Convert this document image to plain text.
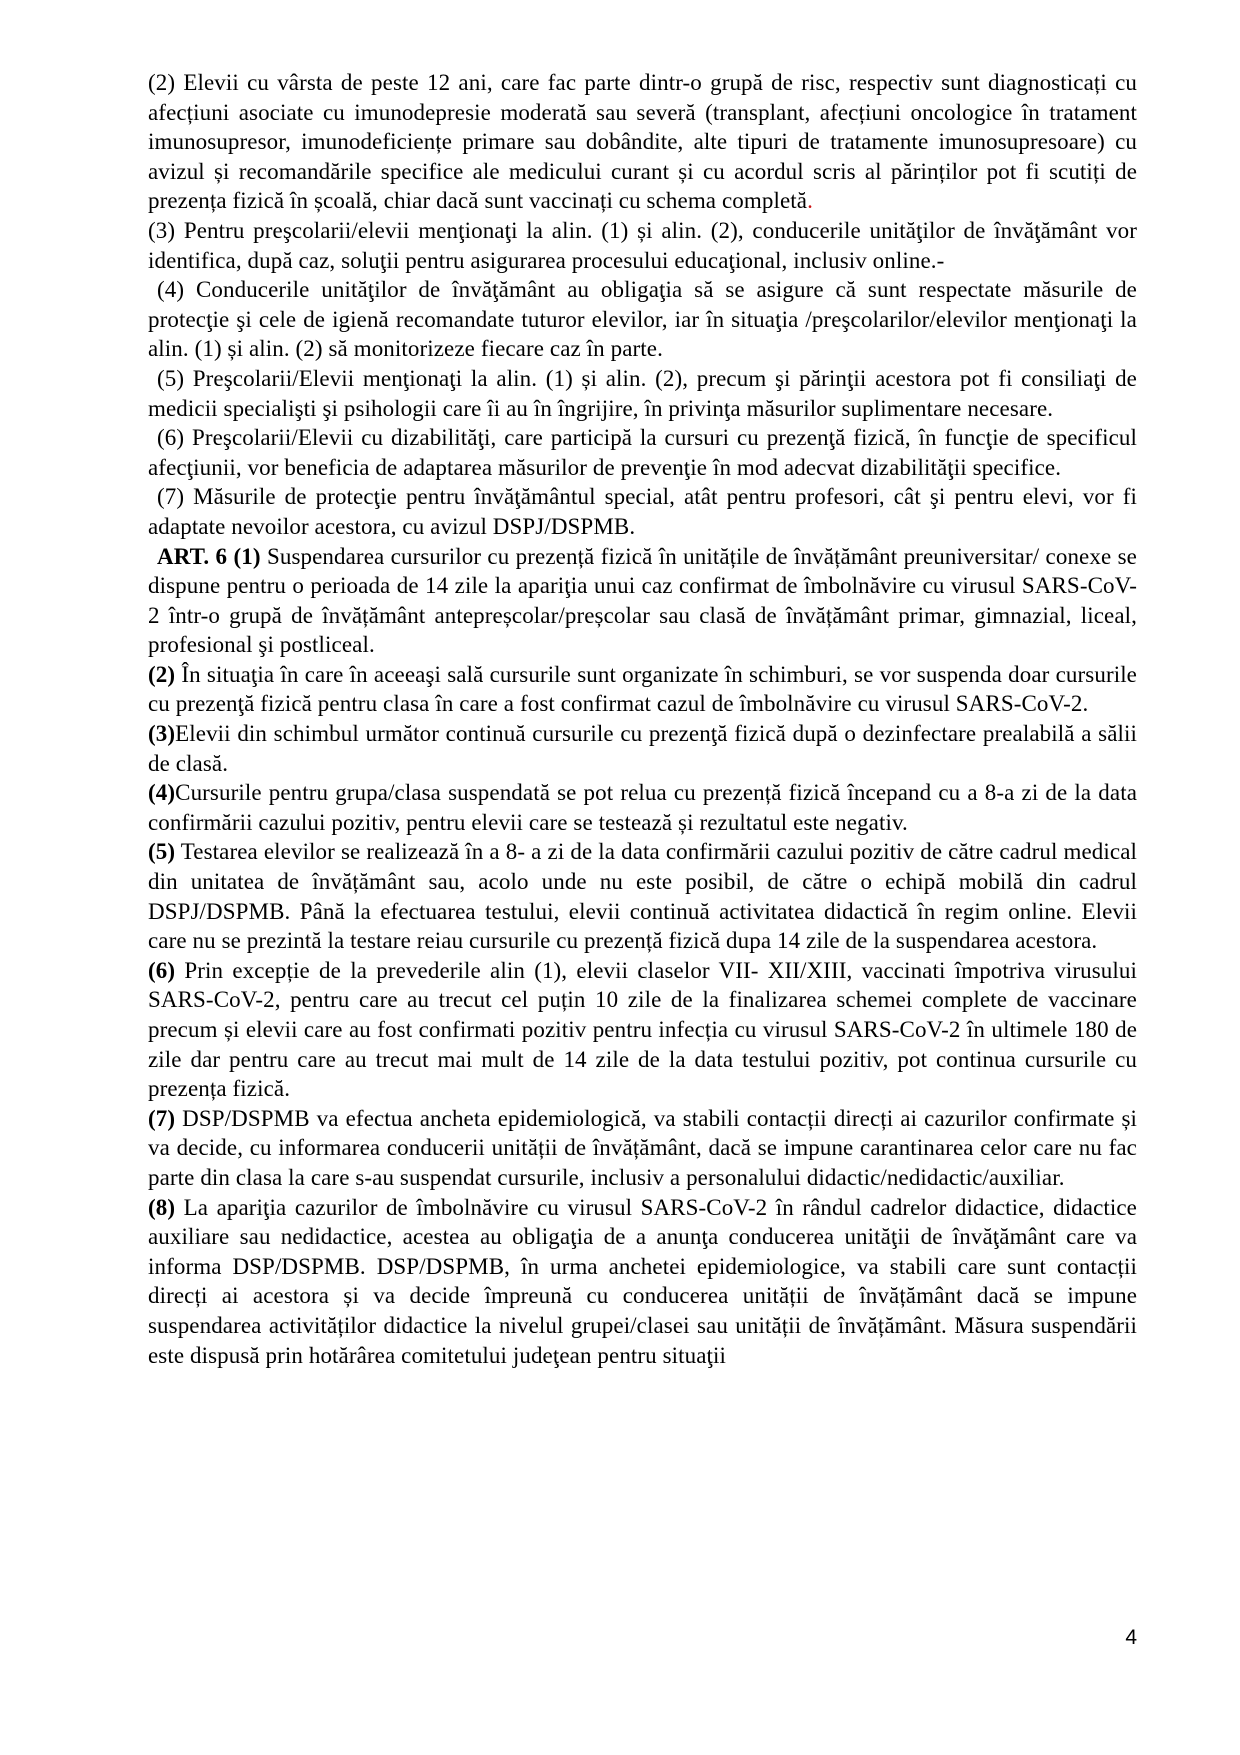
(2) Elevii cu vârsta de peste 12 ani, care fac parte dintr-o grupă de risc, respectiv sunt diagnosticați cu afecțiuni asociate cu imunodepresie moderată sau severă (transplant, afecțiuni oncologice în tratament imunosupresor, imunodeficiențe primare sau dobândite, alte tipuri de tratamente imunosupresoare) cu avizul și recomandările specifice ale medicului curant și cu acordul scris al părinților pot fi scutiți de prezența fizică în școală, chiar dacă sunt vaccinați cu schema completă.

(3) Pentru preşcolarii/elevii menţionaţi la alin. (1) și alin. (2), conducerile unităţilor de învăţământ vor identifica, după caz, soluţii pentru asigurarea procesului educaţional, inclusiv online.-

(4) Conducerile unităţilor de învăţământ au obligaţia să se asigure că sunt respectate măsurile de protecţie şi cele de igienă recomandate tuturor elevilor, iar în situaţia /preşcolarilor/elevilor menţionaţi la alin. (1) și alin. (2) să monitorizeze fiecare caz în parte.

(5) Preşcolarii/Elevii menţionaţi la alin. (1) și alin. (2), precum şi părinţii acestora pot fi consiliaţi de medicii specialişti şi psihologii care îi au în îngrijire, în privinţa măsurilor suplimentare necesare.

(6) Preşcolarii/Elevii cu dizabilităţi, care participă la cursuri cu prezenţă fizică, în funcţie de specificul afecţiunii, vor beneficia de adaptarea măsurilor de prevenţie în mod adecvat dizabilităţii specifice.

(7) Măsurile de protecţie pentru învăţământul special, atât pentru profesori, cât şi pentru elevi, vor fi adaptate nevoilor acestora, cu avizul DSPJ/DSPMB.

ART. 6 (1) Suspendarea cursurilor cu prezență fizică în unitățile de învățământ preuniversitar/ conexe se dispune pentru o perioada de 14 zile la apariţia unui caz confirmat de îmbolnăvire cu virusul SARS-CoV-2 într-o grupă de învățământ antepreșcolar/preșcolar sau clasă de învățământ primar, gimnazial, liceal, profesional şi postliceal.

(2) În situaţia în care în aceeaşi sală cursurile sunt organizate în schimburi, se vor suspenda doar cursurile cu prezenţă fizică pentru clasa în care a fost confirmat cazul de îmbolnăvire cu virusul SARS-CoV-2.

(3)Elevii din schimbul următor continuă cursurile cu prezenţă fizică după o dezinfectare prealabilă a sălii de clasă.

(4)Cursurile pentru grupa/clasa suspendată se pot relua cu prezență fizică începand cu a 8-a zi de la data confirmării cazului pozitiv, pentru elevii care se testează și rezultatul este negativ.

(5) Testarea elevilor se realizează în a 8- a zi de la data confirmării cazului pozitiv de către cadrul medical din unitatea de învățământ sau, acolo unde nu este posibil, de către o echipă mobilă din cadrul DSPJ/DSPMB. Până la efectuarea testului, elevii continuă activitatea didactică în regim online. Elevii care nu se prezintă la testare reiau cursurile cu prezență fizică dupa 14 zile de la suspendarea acestora.

(6) Prin excepție de la prevederile alin (1), elevii claselor VII- XII/XIII, vaccinati împotriva virusului SARS-CoV-2, pentru care au trecut cel puțin 10 zile de la finalizarea schemei complete de vaccinare precum și elevii care au fost confirmati pozitiv pentru infecția cu virusul SARS-CoV-2 în ultimele 180 de zile dar pentru care au trecut mai mult de 14 zile de la data testului pozitiv, pot continua cursurile cu prezența fizică.

(7) DSP/DSPMB va efectua ancheta epidemiologică, va stabili contacții direcți ai cazurilor confirmate și va decide, cu informarea conducerii unității de învățământ, dacă se impune carantinarea celor care nu fac parte din clasa la care s-au suspendat cursurile, inclusiv a personalului didactic/nedidactic/auxiliar.

(8) La apariţia cazurilor de îmbolnăvire cu virusul SARS-CoV-2 în rândul cadrelor didactice, didactice auxiliare sau nedidactice, acestea au obligaţia de a anunţa conducerea unităţii de învăţământ care va informa DSP/DSPMB. DSP/DSPMB, în urma anchetei epidemiologice, va stabili care sunt contacții direcți ai acestora și va decide împreună cu conducerea unității de învățământ dacă se impune suspendarea activităților didactice la nivelul grupei/clasei sau unității de învățământ. Măsura suspendării este dispusă prin hotărârea comitetului judeţean pentru situaţii

4
